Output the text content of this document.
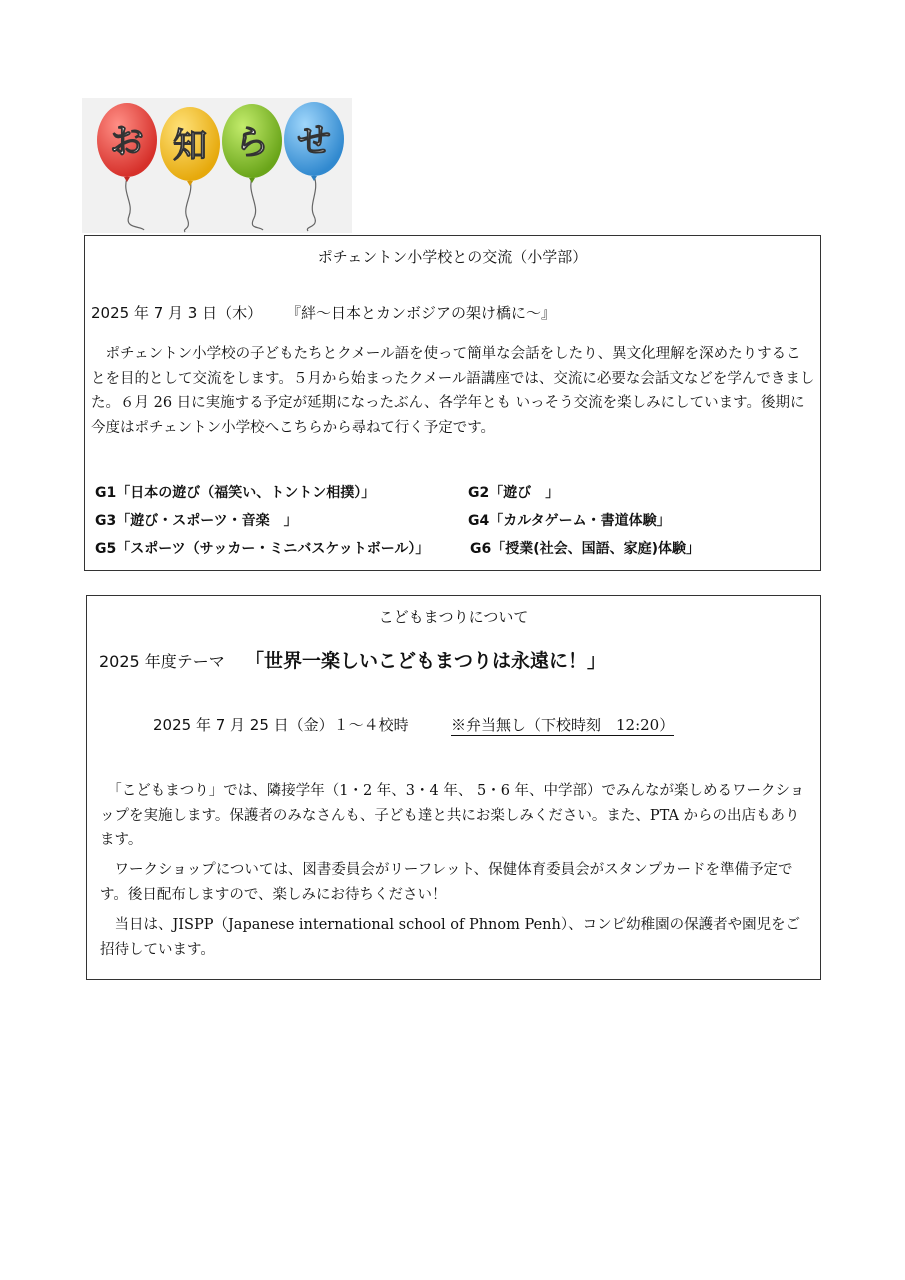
お 知 ら せ
ポチェントン小学校との交流（小学部）
2025 年 7 月 3 日（木） 『絆～日本とカンボジアの架け橋に～』
　ポチェントン小学校の子どもたちとクメール語を使って簡単な会話をしたり、異文化理解を深めたりすることを目的として交流をします。５月から始まったクメール語講座では、交流に必要な会話文などを学んできました。６月 26 日に実施する予定が延期になったぶん、各学年とも いっそう交流を楽しみにしています。後期に今度はポチェントン小学校へこちらから尋ねて行く予定です。
G1「日本の遊び（福笑い、トントン相撲）」	G2「遊び　」
G3「遊び・スポーツ・音楽　」	G4「カルタゲーム・書道体験」
G5「スポーツ（サッカー・ミニバスケットボール）」	G6「授業(社会、国語、家庭)体験」
こどもまつりについて
2025 年度テーマ 「世界一楽しいこどもまつりは永遠に！」
2025 年 7 月 25 日（金）１～４校時	※弁当無し（下校時刻　12:20）
　「こどもまつり」では、隣接学年（1・2 年、3・4 年、 5・6 年、中学部）でみんなが楽しめるワークショップを実施します。保護者のみなさんも、子ども達と共にお楽しみください。また、PTA からの出店もあります。
　ワークショップについては、図書委員会がリーフレット、保健体育委員会がスタンプカードを準備予定です。後日配布しますので、楽しみにお待ちください！
　当日は、JISPP（Japanese international school of Phnom Penh）、コンピ幼稚園の保護者や園児をご招待しています。
